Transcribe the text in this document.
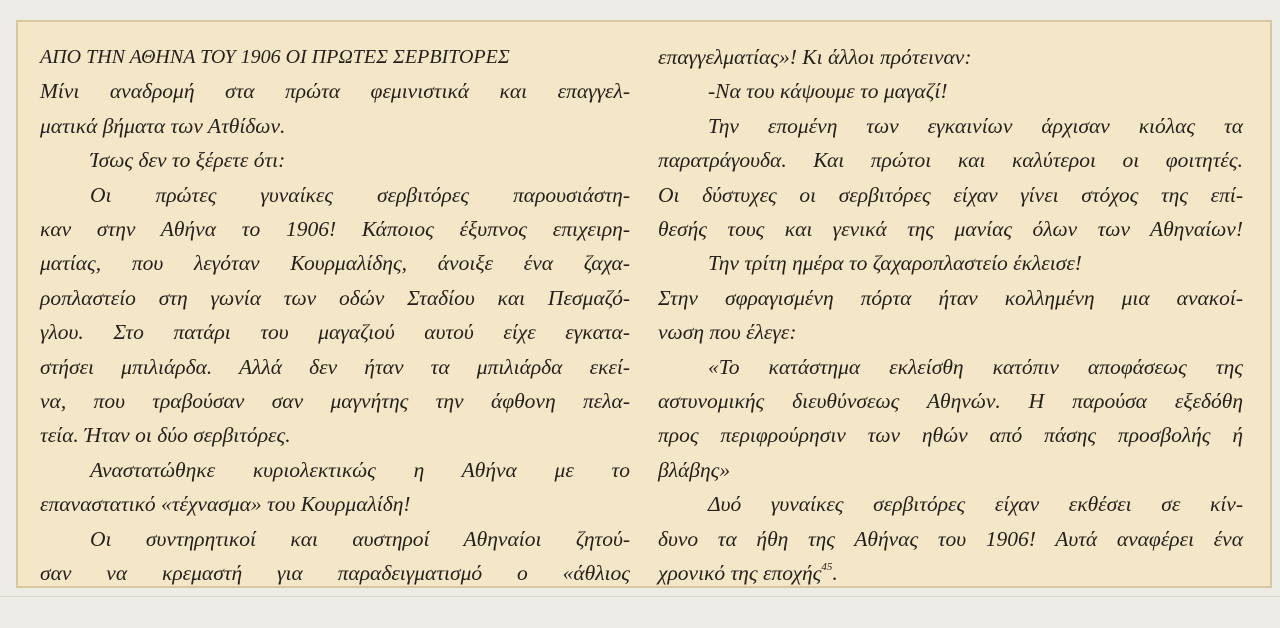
ΑΠΟ ΤΗΝ ΑΘΗΝΑ ΤΟΥ 1906 ΟΙ ΠΡΩΤΕΣ ΣΕΡΒΙΤΟΡΕΣ
Μίνι αναδρομή στα πρώτα φεμινιστικά και επαγγελ-
ματικά βήματα των Ατθίδων.
Ίσως δεν το ξέρετε ότι:
Οι πρώτες γυναίκες σερβιτόρες παρουσιάστη-
καν στην Αθήνα το 1906! Κάποιος έξυπνος επιχειρη-
ματίας, που λεγόταν Κουρμαλίδης, άνοιξε ένα ζαχα-
ροπλαστείο στη γωνία των οδών Σταδίου και Πεσμαζό-
γλου. Στο πατάρι του μαγαζιού αυτού είχε εγκατα-
στήσει μπιλιάρδα. Αλλά δεν ήταν τα μπιλιάρδα εκεί-
να, που τραβούσαν σαν μαγνήτης την άφθονη πελα-
τεία. Ήταν οι δύο σερβιτόρες.
Αναστατώθηκε κυριολεκτικώς η Αθήνα με το
επαναστατικό «τέχνασμα» του Κουρμαλίδη!
Οι συντηρητικοί και αυστηροί Αθηναίοι ζητού-
σαν να κρεμαστή για παραδειγματισμό ο «άθλιος
επαγγελματίας»! Κι άλλοι πρότειναν:
-Να του κάψουμε το μαγαζί!
Την επομένη των εγκαινίων άρχισαν κιόλας τα
παρατράγουδα. Και πρώτοι και καλύτεροι οι φοιτητές.
Οι δύστυχες οι σερβιτόρες είχαν γίνει στόχος της επί-
θεσής τους και γενικά της μανίας όλων των Αθηναίων!
Την τρίτη ημέρα το ζαχαροπλαστείο έκλεισε!
Στην σφραγισμένη πόρτα ήταν κολλημένη μια ανακοί-
νωση που έλεγε:
«Το κατάστημα εκλείσθη κατόπιν αποφάσεως της
αστυνομικής διευθύνσεως Αθηνών. Η παρούσα εξεδόθη
προς περιφρούρησιν των ηθών από πάσης προσβολής ή
βλάβης»
Δυό γυναίκες σερβιτόρες είχαν εκθέσει σε κίν-
δυνο τα ήθη της Αθήνας του 1906! Αυτά αναφέρει ένα
χρονικό της εποχής$^{45}$.
